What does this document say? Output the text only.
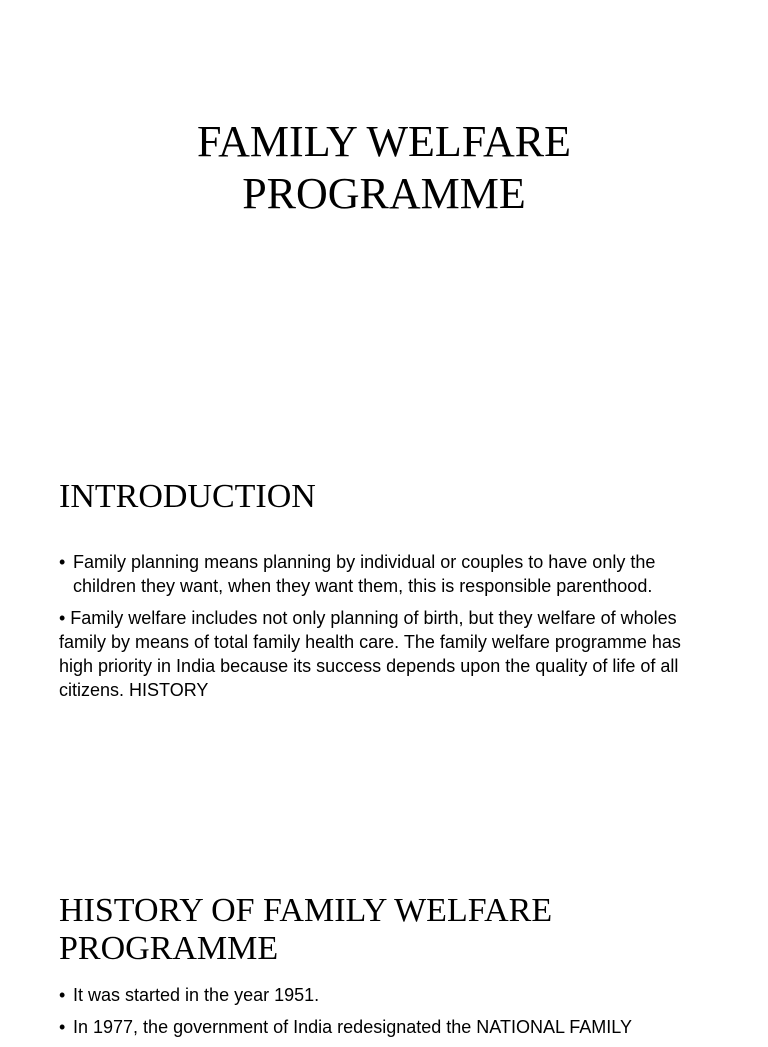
FAMILY WELFARE
PROGRAMME
INTRODUCTION
• Family planning means planning by individual or couples to have only the children they want, when they want them, this is responsible parenthood.

• Family welfare includes not only planning of birth, but they welfare of wholes family by means of total family health care. The family welfare programme has high priority in India because its success depends upon the quality of life of all citizens. HISTORY

HISTORY OF FAMILY WELFARE
PROGRAMME
• It was started in the year 1951.
• In 1977, the government of India redesignated the NATIONAL FAMILY
